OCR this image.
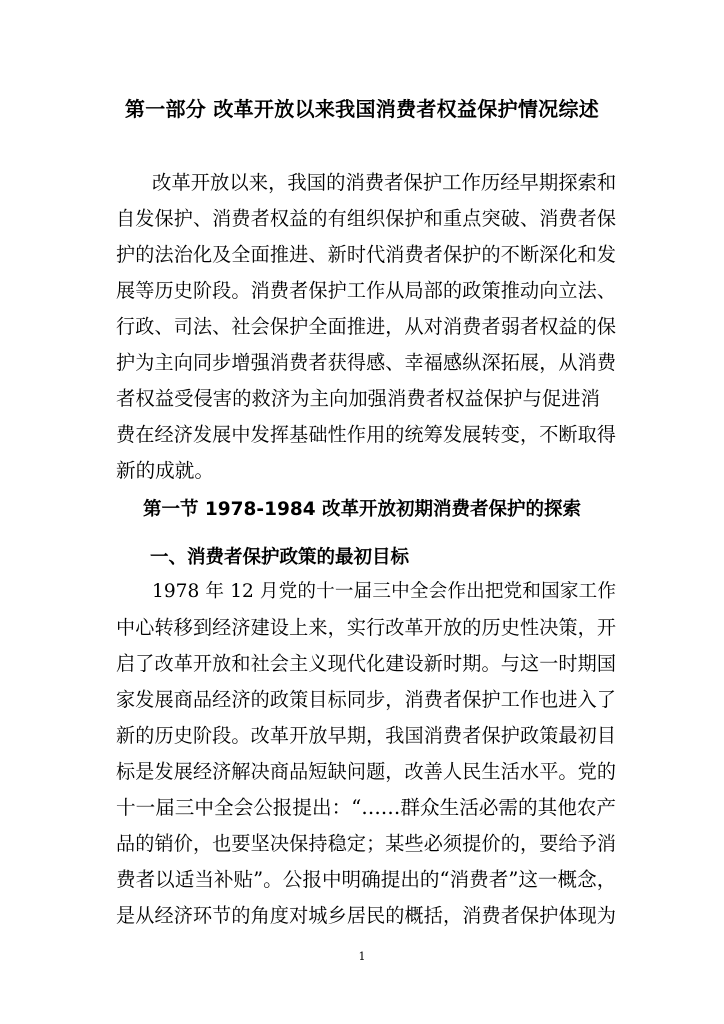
第一部分 改革开放以来我国消费者权益保护情况综述

改革开放以来，我国的消费者保护工作历经早期探索和

自发保护、消费者权益的有组织保护和重点突破、消费者保

护的法治化及全面推进、新时代消费者保护的不断深化和发

展等历史阶段。消费者保护工作从局部的政策推动向立法、

行政、司法、社会保护全面推进，从对消费者弱者权益的保

护为主向同步增强消费者获得感、幸福感纵深拓展，从消费

者权益受侵害的救济为主向加强消费者权益保护与促进消

费在经济发展中发挥基础性作用的统筹发展转变，不断取得

新的成就。

第一节 1978-1984 改革开放初期消费者保护的探索
一、消费者保护政策的最初目标

1978 年 12 月党的十一届三中全会作出把党和国家工作

中心转移到经济建设上来，实行改革开放的历史性决策，开

启了改革开放和社会主义现代化建设新时期。与这一时期国

家发展商品经济的政策目标同步，消费者保护工作也进入了

新的历史阶段。改革开放早期，我国消费者保护政策最初目

标是发展经济解决商品短缺问题，改善人民生活水平。党的

十一届三中全会公报提出：“……群众生活必需的其他农产

品的销价，也要坚决保持稳定；某些必须提价的，要给予消

费者以适当补贴”。公报中明确提出的“消费者”这一概念，

是从经济环节的角度对城乡居民的概括，消费者保护体现为

1
